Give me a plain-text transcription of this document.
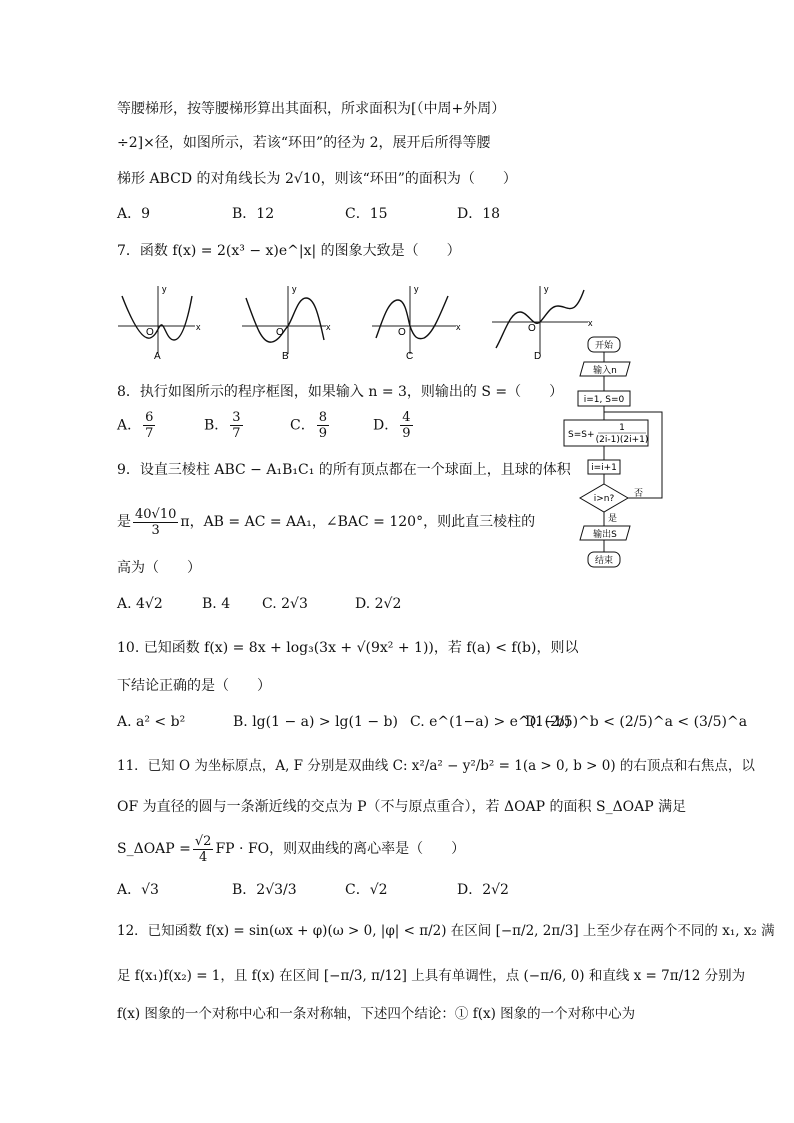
等腰梯形，按等腰梯形算出其面积，所求面积为[（中周+外周）
÷2]×径，如图所示，若该“环田”的径为 2，展开后所得等腰
梯形 ABCD 的对角线长为 2√10，则该“环田”的面积为（　　）
A．9	B．12	C．15	D．18
7．函数 f(x) = 2(x³ − x)e^|x| 的图象大致是（　　）
y
x
O
A
y
x
O
B
y
x
O
C
y
x
O
D
开始
输入n
i=1, S=0
S=S+
1
(2i-1)(2i+1)
i=i+1
i>n? 否
是
输出S
结束
8．执行如图所示的程序框图，如果输入 n = 3，则输出的 S =（　　）
A． $\frac{6}{7}$	B． $\frac{3}{7}$	C． $\frac{8}{9}$	D． $\frac{4}{9}$
9．设直三棱柱 ABC − A₁B₁C₁ 的所有顶点都在一个球面上，且球的体积
是 $\frac{40√10}{3}$ π，AB = AC = AA₁，∠BAC = 120°，则此直三棱柱的
高为（　　）
A. 4√2	B. 4 C. 2√3	D. 2√2
10. 已知函数 f(x) = 8x + log₃(3x + √(9x² + 1))，若 f(a) < f(b)，则以
下结论正确的是（　　）
A. a² < b²	B. lg(1 − a) > lg(1 − b) C. e^(1−a) > e^(1−b)
D. (2/5)^b < (2/5)^a < (3/5)^a
11．已知 O 为坐标原点，A, F 分别是双曲线 C: x²/a² − y²/b² = 1(a > 0, b > 0) 的右顶点和右焦点，以
OF 为直径的圆与一条渐近线的交点为 P（不与原点重合），若 ΔOAP 的面积 S_ΔOAP 满足
S_ΔOAP = $\frac{√2}{4}$ FP · FO，则双曲线的离心率是（　　）
A．√3	B．2√3/3	C．√2	D．2√2
12．已知函数 f(x) = sin(ωx + φ)(ω > 0, |φ| < π/2) 在区间 [−π/2, 2π/3] 上至少存在两个不同的 x₁, x₂ 满
足 f(x₁)f(x₂) = 1，且 f(x) 在区间 [−π/3, π/12] 上具有单调性，点 (−π/6, 0) 和直线 x = 7π/12 分别为
f(x) 图象的一个对称中心和一条对称轴，下述四个结论：① f(x) 图象的一个对称中心为
